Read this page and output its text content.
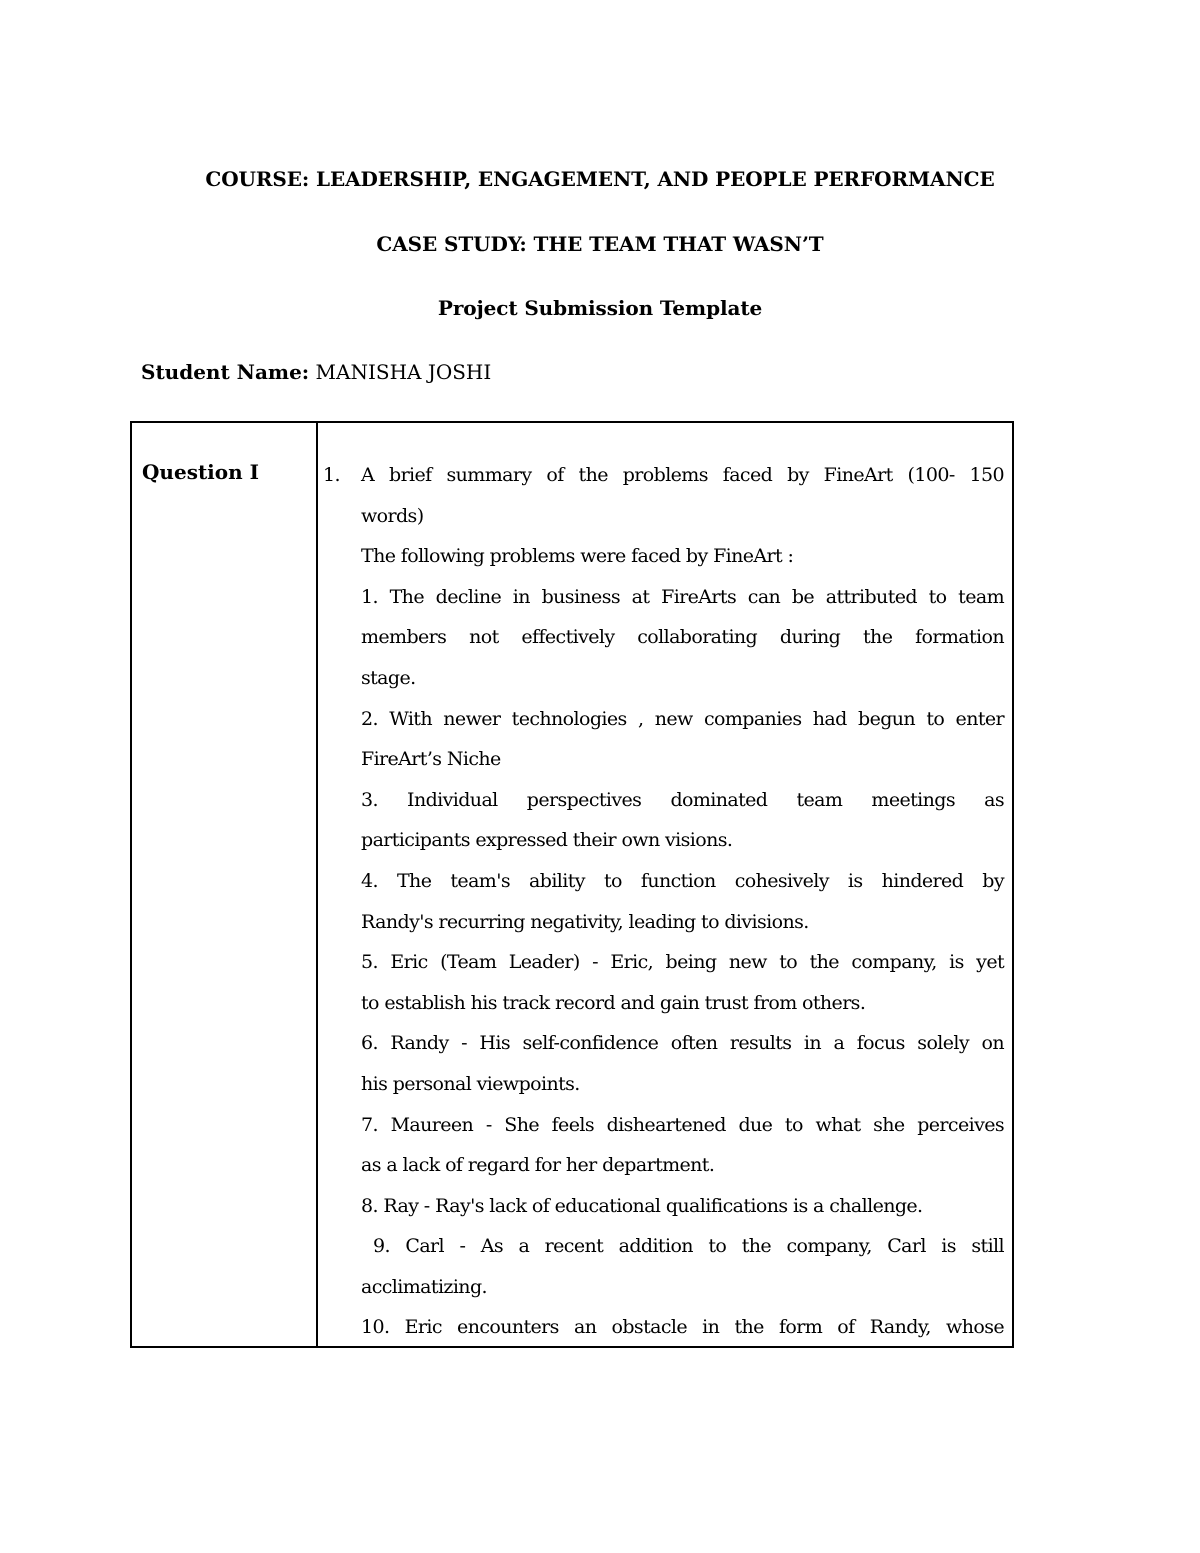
COURSE: LEADERSHIP, ENGAGEMENT, AND PEOPLE PERFORMANCE
CASE STUDY: THE TEAM THAT WASN’T
Project Submission Template
Student Name: MANISHA JOSHI
Question I	1. A brief summary of the problems faced by FineArt (100- 150
words)
The following problems were faced by FineArt :
1. The decline in business at FireArts can be attributed to team
members not effectively collaborating during the formation
stage.
2. With newer technologies , new companies had begun to enter
FireArt’s Niche
3. Individual perspectives dominated team meetings as
participants expressed their own visions.
4. The team's ability to function cohesively is hindered by
Randy's recurring negativity, leading to divisions.
5. Eric (Team Leader) - Eric, being new to the company, is yet
to establish his track record and gain trust from others.
6. Randy - His self-confidence often results in a focus solely on
his personal viewpoints.
7. Maureen - She feels disheartened due to what she perceives
as a lack of regard for her department.
8. Ray - Ray's lack of educational qualifications is a challenge.
9. Carl - As a recent addition to the company, Carl is still
acclimatizing.
10. Eric encounters an obstacle in the form of Randy, whose
